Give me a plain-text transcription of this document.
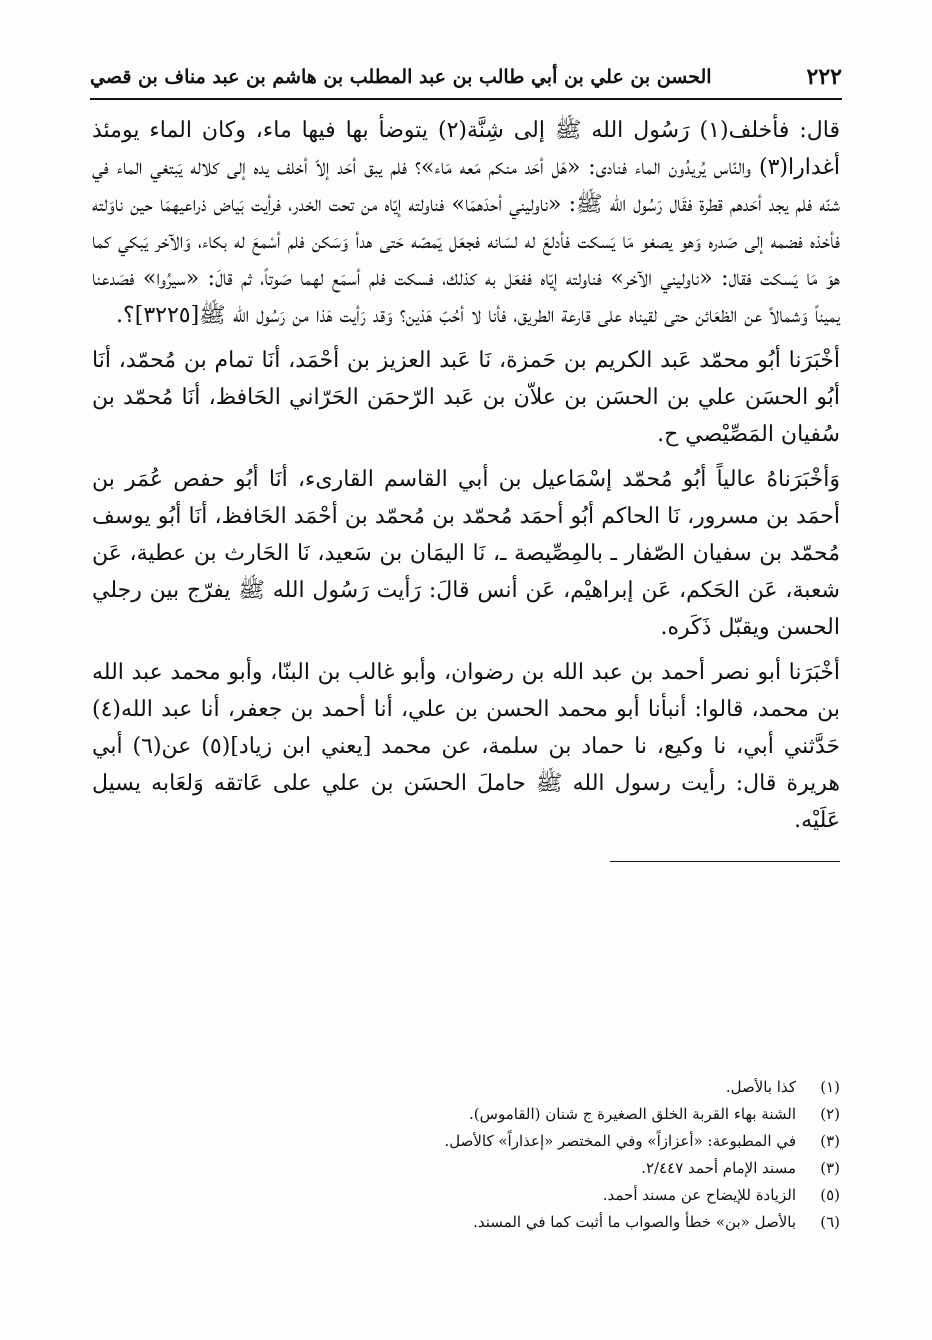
٢٢٢
الحسن بن علي بن أبي طالب بن عبد المطلب بن هاشم بن عبد مناف بن قصي

قال: فأخلف(١) رَسُول الله ﷺ إلى شِنَّة(٢) يتوضأ بها فيها ماء، وكان الماء يومئذ أغدارا(٣) والنّاس يُريدُون الماء فنادى: «هَل أحَد منكم مَعه مَاء»؟ فلم يبق أحَد إلاّ أخلف يده إلى كلاله يَبتغي الماء في شنّه فلم يجد أحَدهم قطرة فقَال رَسُول الله ﷺ: «ناوليني أحدَهمَا» فناولته إيّاه من تحت الخدر، فرأيت بَياض ذراعيهمَا حين ناوَلته فأخذه فضمه إلى صَدره وَهو يصغو مَا يَسكت فأدلعَ له لسَانه فجعَل يَمصّه حَتى هدأ وَسَكن فلم أسْمعَ له بكاء، وَالآخر يَبكي كما هوَ مَا يَسكت فقال: «ناوليني الآخر» فناولته إيّاه ففعَل به كذلك، فسكت فلم أسمَع لهما صَوتاً، ثم قالَ: «سيرُوا» فصَدعنا يميناً وَشمالاً عن الظعَائن حتى لقيناه على قارعة الطريق، فأنا لا أحُبّ هَذين؟ وَقد رَأيت هَذا من رَسُول الله ﷺ[٣٢٢٥]؟.

أخْبَرَنا أبُو محمّد عَبد الكريم بن حَمزة، نَا عَبد العزيز بن أحْمَد، أنَا تمام بن مُحمّد، أنَا أبُو الحسَن علي بن الحسَن بن علاّن بن عَبد الرّحمَن الحَرّاني الحَافظ، أنَا مُحمّد بن سُفيان المَصِّيْصي ح.

وَأخْبَرَناهُ عالياً أبُو مُحمّد إسْمَاعيل بن أبي القاسم القارىء، أنَا أبُو حفص عُمَر بن أحمَد بن مسرور، نَا الحاكم أبُو أحمَد مُحمّد بن مُحمّد بن أحْمَد الحَافظ، أنَا أبُو يوسف مُحمّد بن سفيان الصّفار ـ بالمِصِّيصة ـ، نَا اليمَان بن سَعيد، نَا الحَارث بن عطية، عَن شعبة، عَن الحَكم، عَن إبراهيْم، عَن أنس قالَ: رَأيت رَسُول الله ﷺ يفرّج بين رجلي الحسن ويقبّل ذَكَره.

أخْبَرَنا أبو نصر أحمد بن عبد الله بن رضوان، وأبو غالب بن البنّا، وأبو محمد عبد الله بن محمد، قالوا: أنبأنا أبو محمد الحسن بن علي، أنا أحمد بن جعفر، أنا عبد الله(٤) حَدَّثني أبي، نا وكيع، نا حماد بن سلمة، عن محمد [يعني ابن زياد](٥) عن(٦) أبي هريرة قال: رأيت رسول الله ﷺ حاملَ الحسَن بن علي على عَاتقه وَلعَابه يسيل عَلَيْه.

(١)
كذا بالأصل.
(٢)
الشنة بهاء القربة الخلق الصغيرة ج شنان (القاموس).
(٣)
في المطبوعة: «أعزازاً» وفي المختصر «إعذاراً» كالأصل.
(٣)
مسند الإمام أحمد ٢/٤٤٧.
(٥)
الزيادة للإيضاح عن مسند أحمد.
(٦)
بالأصل «بن» خطأ والصواب ما أثبت كما في المسند.
